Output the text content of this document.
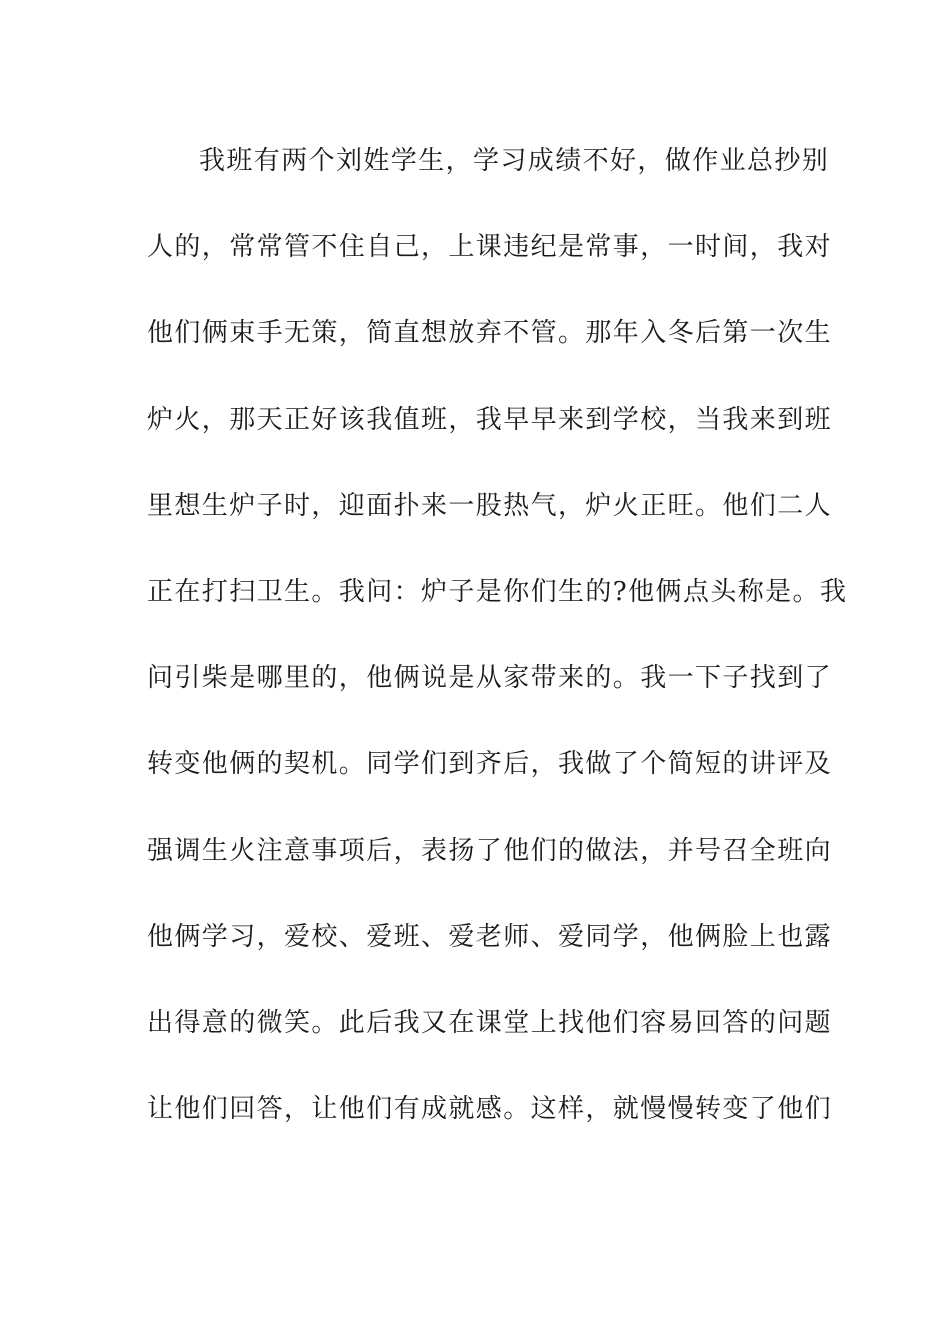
我班有两个刘姓学生，学习成绩不好，做作业总抄别
人的，常常管不住自己，上课违纪是常事，一时间，我对
他们俩束手无策，简直想放弃不管。那年入冬后第一次生
炉火，那天正好该我值班，我早早来到学校，当我来到班
里想生炉子时，迎面扑来一股热气，炉火正旺。他们二人
正在打扫卫生。我问：炉子是你们生的?他俩点头称是。我
问引柴是哪里的，他俩说是从家带来的。我一下子找到了
转变他俩的契机。同学们到齐后，我做了个简短的讲评及
强调生火注意事项后，表扬了他们的做法，并号召全班向
他俩学习，爱校、爱班、爱老师、爱同学，他俩脸上也露
出得意的微笑。此后我又在课堂上找他们容易回答的问题
让他们回答，让他们有成就感。这样，就慢慢转变了他们
